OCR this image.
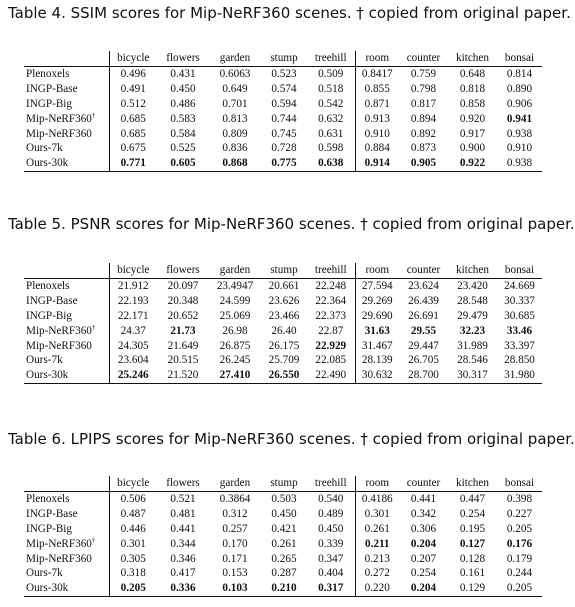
Table 4. SSIM scores for Mip-NeRF360 scenes. † copied from original paper.
	bicycle	flowers	garden	stump	treehill	room	counter	kitchen	bonsai
Plenoxels	0.496	0.431	0.6063	0.523	0.509	0.8417	0.759	0.648	0.814
INGP-Base	0.491	0.450	0.649	0.574	0.518	0.855	0.798	0.818	0.890
INGP-Big	0.512	0.486	0.701	0.594	0.542	0.871	0.817	0.858	0.906
Mip-NeRF360†	0.685	0.583	0.813	0.744	0.632	0.913	0.894	0.920	0.941
Mip-NeRF360	0.685	0.584	0.809	0.745	0.631	0.910	0.892	0.917	0.938
Ours-7k	0.675	0.525	0.836	0.728	0.598	0.884	0.873	0.900	0.910
Ours-30k	0.771	0.605	0.868	0.775	0.638	0.914	0.905	0.922	0.938
Table 5. PSNR scores for Mip-NeRF360 scenes. † copied from original paper.
	bicycle	flowers	garden	stump	treehill	room	counter	kitchen	bonsai
Plenoxels	21.912	20.097	23.4947	20.661	22.248	27.594	23.624	23.420	24.669
INGP-Base	22.193	20.348	24.599	23.626	22.364	29.269	26.439	28.548	30.337
INGP-Big	22.171	20.652	25.069	23.466	22.373	29.690	26.691	29.479	30.685
Mip-NeRF360†	24.37	21.73	26.98	26.40	22.87	31.63	29.55	32.23	33.46
Mip-NeRF360	24.305	21.649	26.875	26.175	22.929	31.467	29.447	31.989	33.397
Ours-7k	23.604	20.515	26.245	25.709	22.085	28.139	26.705	28.546	28.850
Ours-30k	25.246	21.520	27.410	26.550	22.490	30.632	28.700	30.317	31.980
Table 6. LPIPS scores for Mip-NeRF360 scenes. † copied from original paper.
	bicycle	flowers	garden	stump	treehill	room	counter	kitchen	bonsai
Plenoxels	0.506	0.521	0.3864	0.503	0.540	0.4186	0.441	0.447	0.398
INGP-Base	0.487	0.481	0.312	0.450	0.489	0.301	0.342	0.254	0.227
INGP-Big	0.446	0.441	0.257	0.421	0.450	0.261	0.306	0.195	0.205
Mip-NeRF360†	0.301	0.344	0.170	0.261	0.339	0.211	0.204	0.127	0.176
Mip-NeRF360	0.305	0.346	0.171	0.265	0.347	0.213	0.207	0.128	0.179
Ours-7k	0.318	0.417	0.153	0.287	0.404	0.272	0.254	0.161	0.244
Ours-30k	0.205	0.336	0.103	0.210	0.317	0.220	0.204	0.129	0.205
